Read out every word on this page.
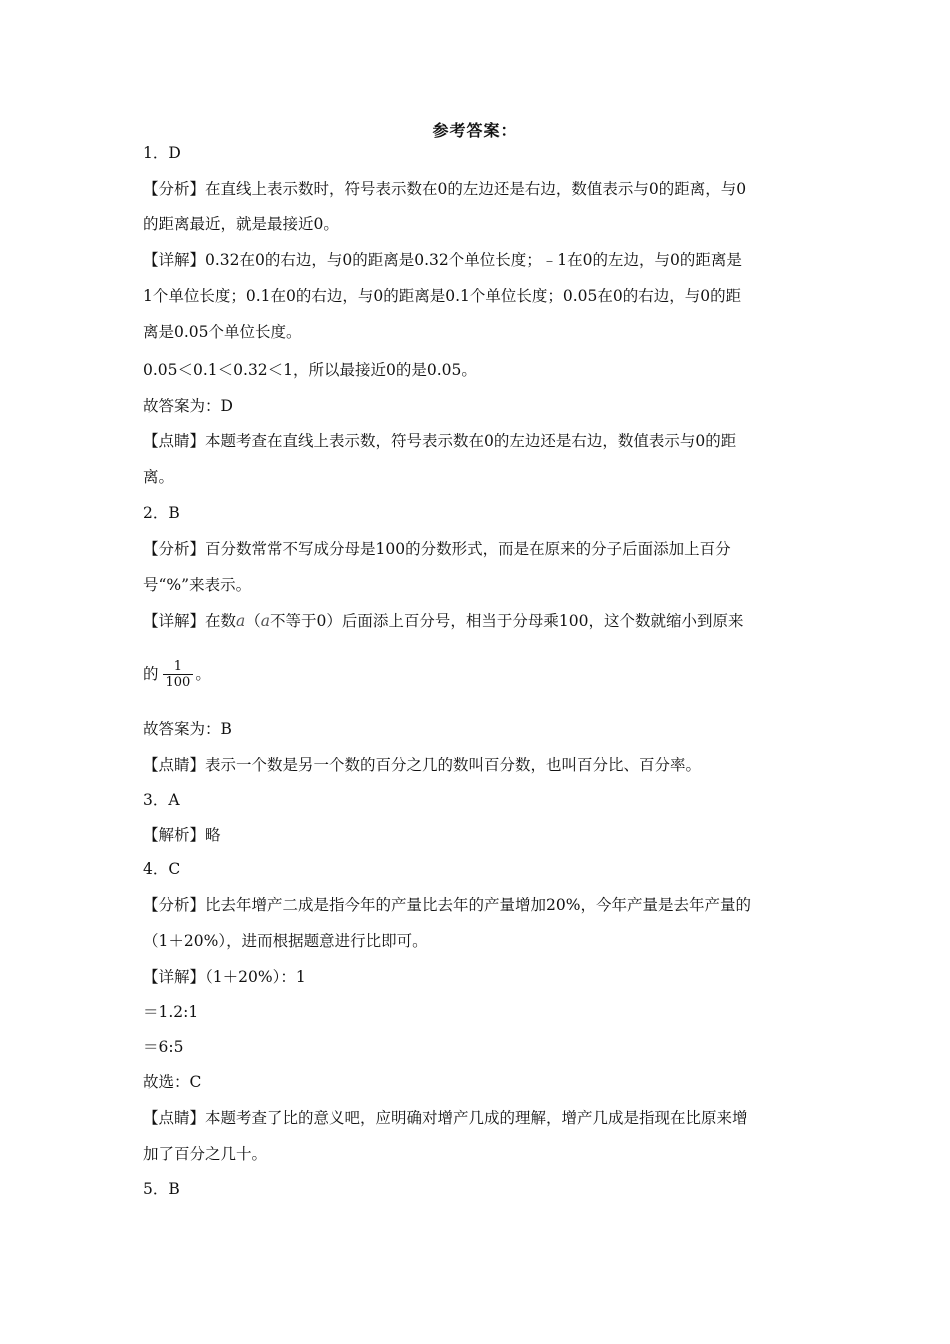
参考答案：
1．D
【分析】在直线上表示数时，符号表示数在0的左边还是右边，数值表示与0的距离，与0
的距离最近，就是最接近0。
【详解】0.32在0的右边，与0的距离是0.32个单位长度；﹣1在0的左边，与0的距离是
1个单位长度；0.1在0的右边，与0的距离是0.1个单位长度；0.05在0的右边，与0的距
离是0.05个单位长度。
0.05＜0.1＜0.32＜1，所以最接近0的是0.05。
故答案为：D
【点睛】本题考查在直线上表示数，符号表示数在0的左边还是右边，数值表示与0的距
离。
2．B
【分析】百分数常常不写成分母是100的分数形式，而是在原来的分子后面添加上百分
号“%”来表示。
【详解】在数a（a不等于0）后面添上百分号，相当于分母乘100，这个数就缩小到原来
的 $\frac{1}{100}$ 。
故答案为：B
【点睛】表示一个数是另一个数的百分之几的数叫百分数，也叫百分比、百分率。
3．A
【解析】略
4．C
【分析】比去年增产二成是指今年的产量比去年的产量增加20%，今年产量是去年产量的
（1＋20%），进而根据题意进行比即可。
【详解】（1＋20%）：1
＝1.2:1
＝6:5
故选：C
【点睛】本题考查了比的意义吧，应明确对增产几成的理解，增产几成是指现在比原来增
加了百分之几十。
5．B
